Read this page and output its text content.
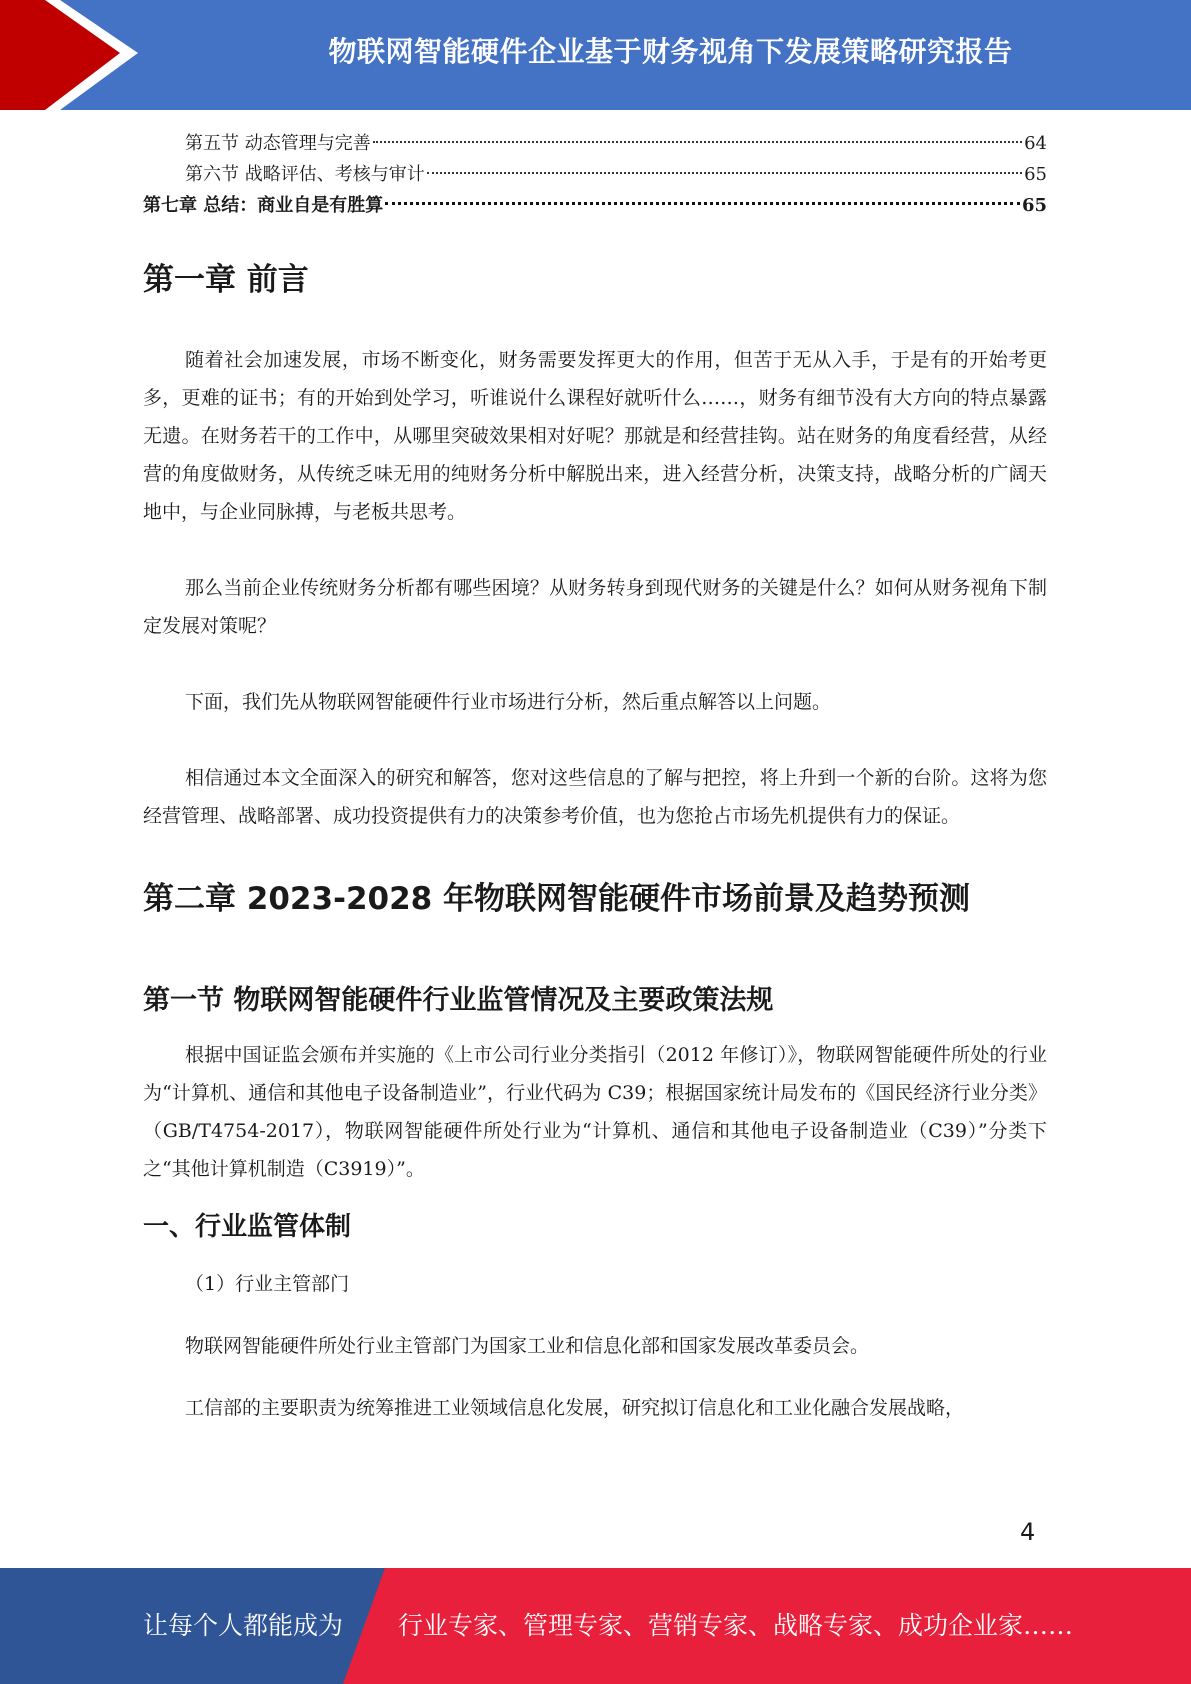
物联网智能硬件企业基于财务视角下发展策略研究报告
第五节 动态管理与完善	64
第六节 战略评估、考核与审计	65
第七章 总结：商业自是有胜算	65
第一章 前言

随着社会加速发展，市场不断变化，财务需要发挥更大的作用，但苦于无从入手，于是有的开始考更多，更难的证书；有的开始到处学习，听谁说什么课程好就听什么……，财务有细节没有大方向的特点暴露无遗。在财务若干的工作中，从哪里突破效果相对好呢？那就是和经营挂钩。站在财务的角度看经营，从经营的角度做财务，从传统乏味无用的纯财务分析中解脱出来，进入经营分析，决策支持，战略分析的广阔天地中，与企业同脉搏，与老板共思考。

那么当前企业传统财务分析都有哪些困境？从财务转身到现代财务的关键是什么？如何从财务视角下制定发展对策呢？

下面，我们先从物联网智能硬件行业市场进行分析，然后重点解答以上问题。

相信通过本文全面深入的研究和解答，您对这些信息的了解与把控，将上升到一个新的台阶。这将为您经营管理、战略部署、成功投资提供有力的决策参考价值，也为您抢占市场先机提供有力的保证。

第二章 2023-2028 年物联网智能硬件市场前景及趋势预测
第一节 物联网智能硬件行业监管情况及主要政策法规

根据中国证监会颁布并实施的《上市公司行业分类指引（2012 年修订）》，物联网智能硬件所处的行业为“计算机、通信和其他电子设备制造业”，行业代码为 C39；根据国家统计局发布的《国民经济行业分类》（GB/T4754-2017），物联网智能硬件所处行业为“计算机、通信和其他电子设备制造业（C39）”分类下之“其他计算机制造（C3919）”。

一、行业监管体制

（1）行业主管部门

物联网智能硬件所处行业主管部门为国家工业和信息化部和国家发展改革委员会。

工信部的主要职责为统筹推进工业领域信息化发展，研究拟订信息化和工业化融合发展战略，

4
让每个人都能成为 行业专家、管理专家、营销专家、战略专家、成功企业家……
